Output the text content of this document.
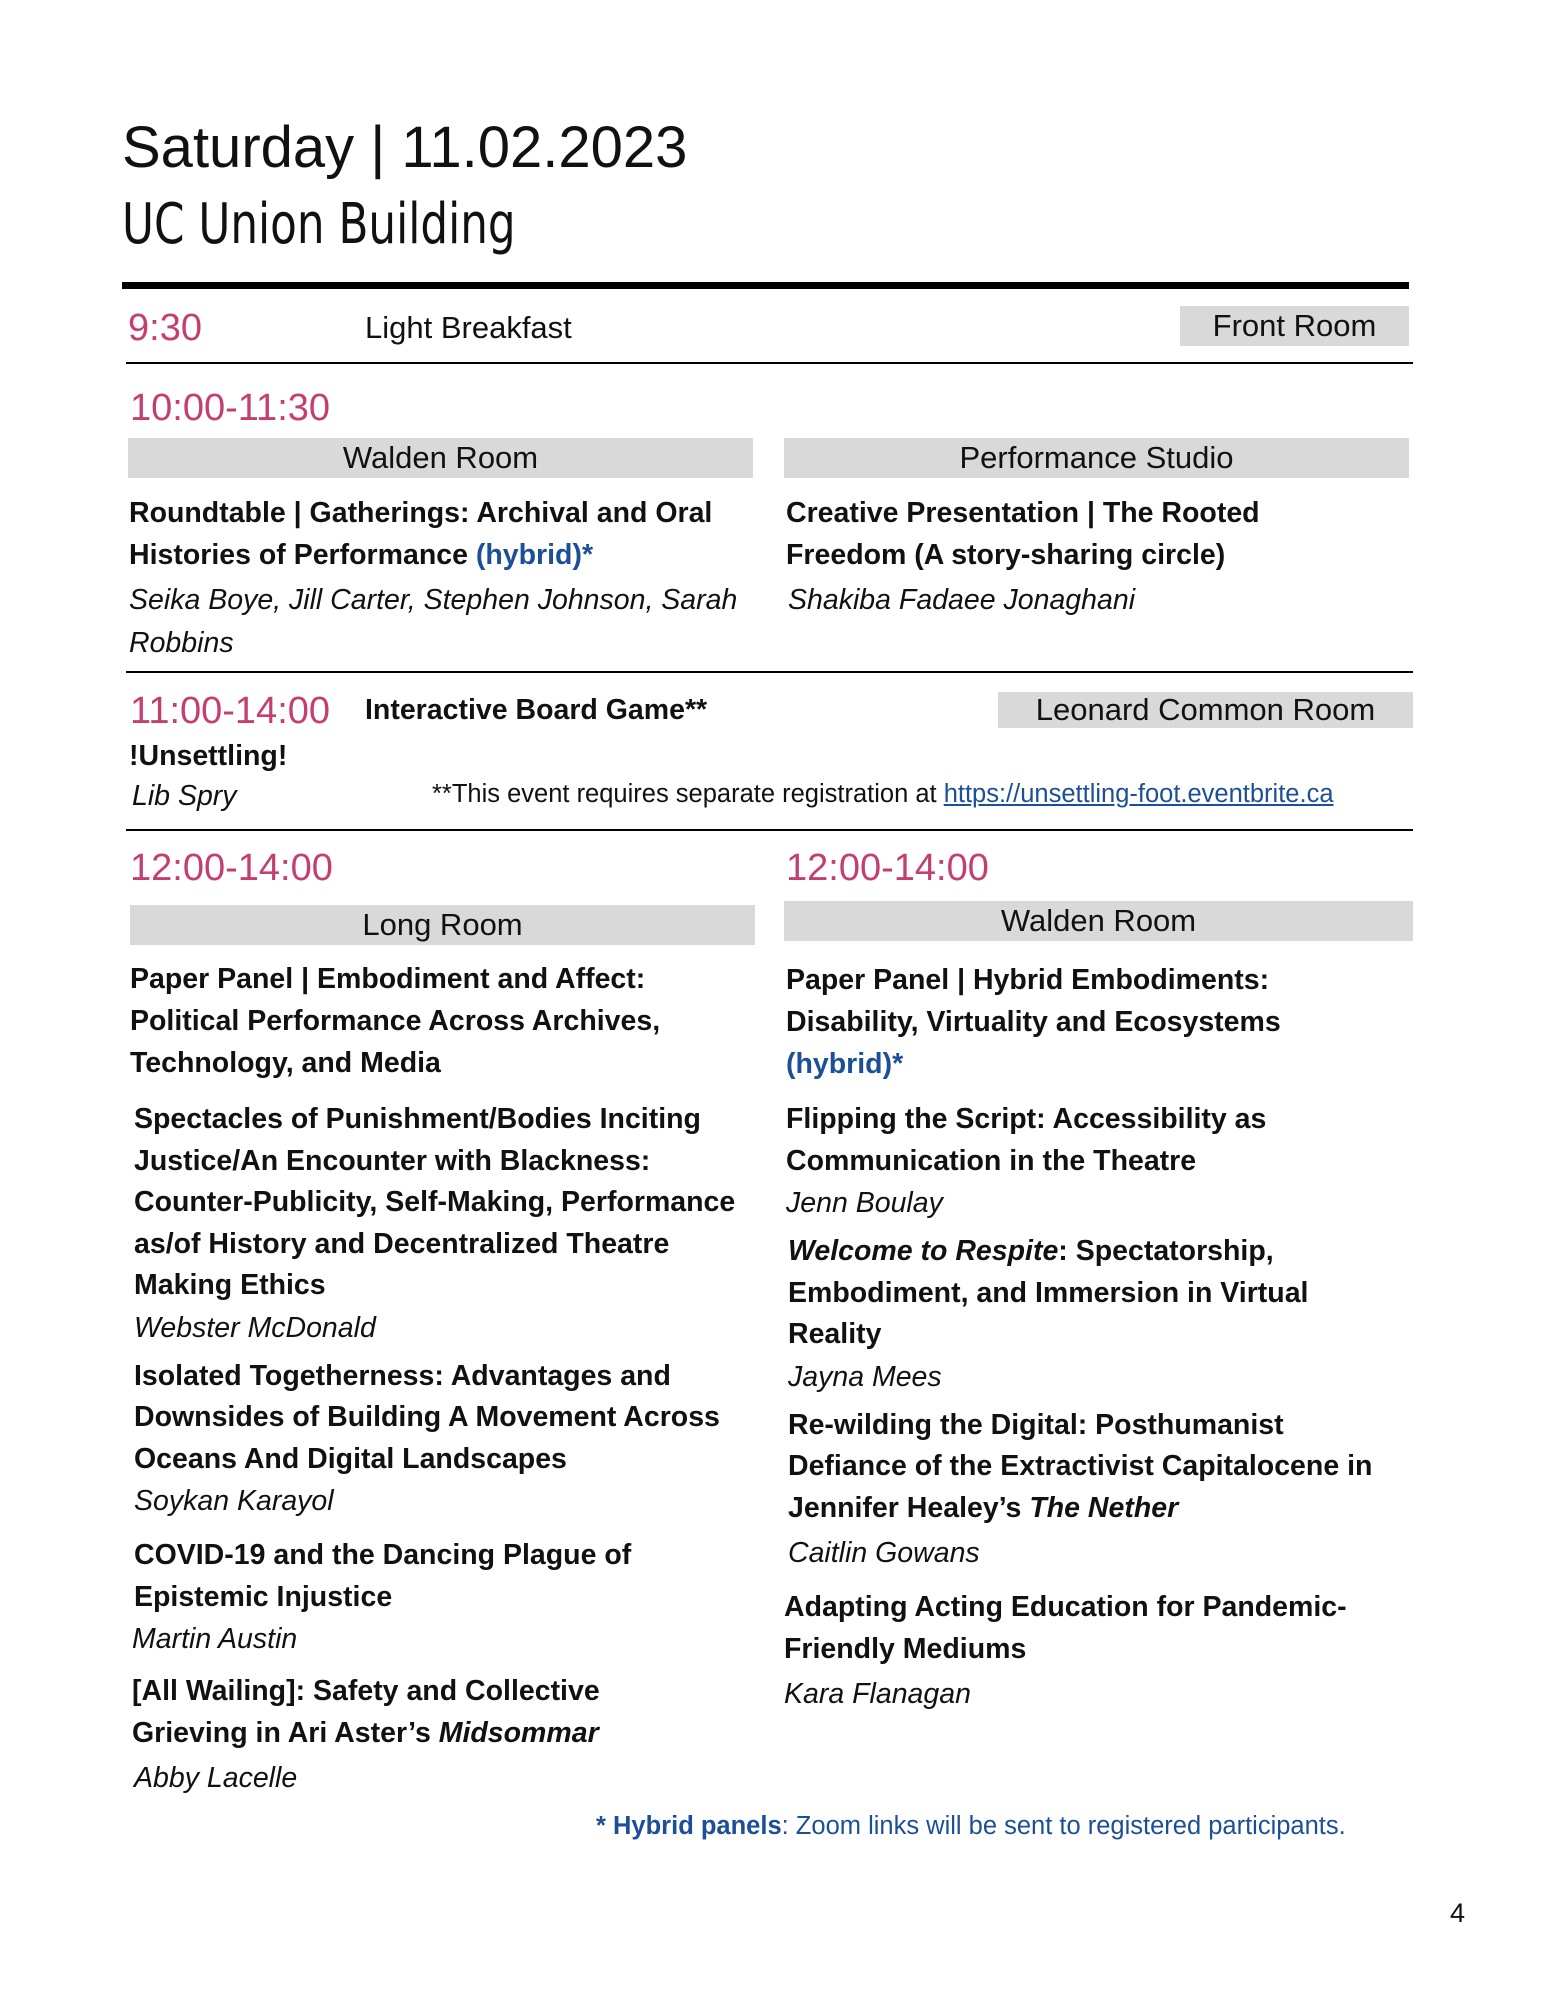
Saturday | 11.02.2023
UC Union Building
9:30	Light Breakfast	Front Room
10:00-11:30
Walden Room
Roundtable | Gatherings: Archival and Oral Histories of Performance (hybrid)*
Seika Boye, Jill Carter, Stephen Johnson, Sarah Robbins
Performance Studio
Creative Presentation | The Rooted Freedom (A story-sharing circle)
Shakiba Fadaee Jonaghani
11:00-14:00 Interactive Board Game**	Leonard Common Room
!Unsettling!
Lib Spry	**This event requires separate registration at https://unsettling-foot.eventbrite.ca
12:00-14:00
Long Room
Paper Panel | Embodiment and Affect: Political Performance Across Archives, Technology, and Media
Spectacles of Punishment/Bodies Inciting Justice/An Encounter with Blackness: Counter-Publicity, Self-Making, Performance as/of History and Decentralized Theatre Making Ethics
Webster McDonald
Isolated Togetherness: Advantages and Downsides of Building A Movement Across Oceans And Digital Landscapes
Soykan Karayol
COVID-19 and the Dancing Plague of Epistemic Injustice
Martin Austin
[All Wailing]: Safety and Collective Grieving in Ari Aster’s Midsommar
Abby Lacelle
12:00-14:00
Walden Room
Paper Panel | Hybrid Embodiments: Disability, Virtuality and Ecosystems (hybrid)*
Flipping the Script: Accessibility as Communication in the Theatre
Jenn Boulay
Welcome to Respite: Spectatorship, Embodiment, and Immersion in Virtual Reality
Jayna Mees
Re-wilding the Digital: Posthumanist Defiance of the Extractivist Capitalocene in Jennifer Healey’s The Nether
Caitlin Gowans
Adapting Acting Education for Pandemic-Friendly Mediums
Kara Flanagan
* Hybrid panels: Zoom links will be sent to registered participants.
4
